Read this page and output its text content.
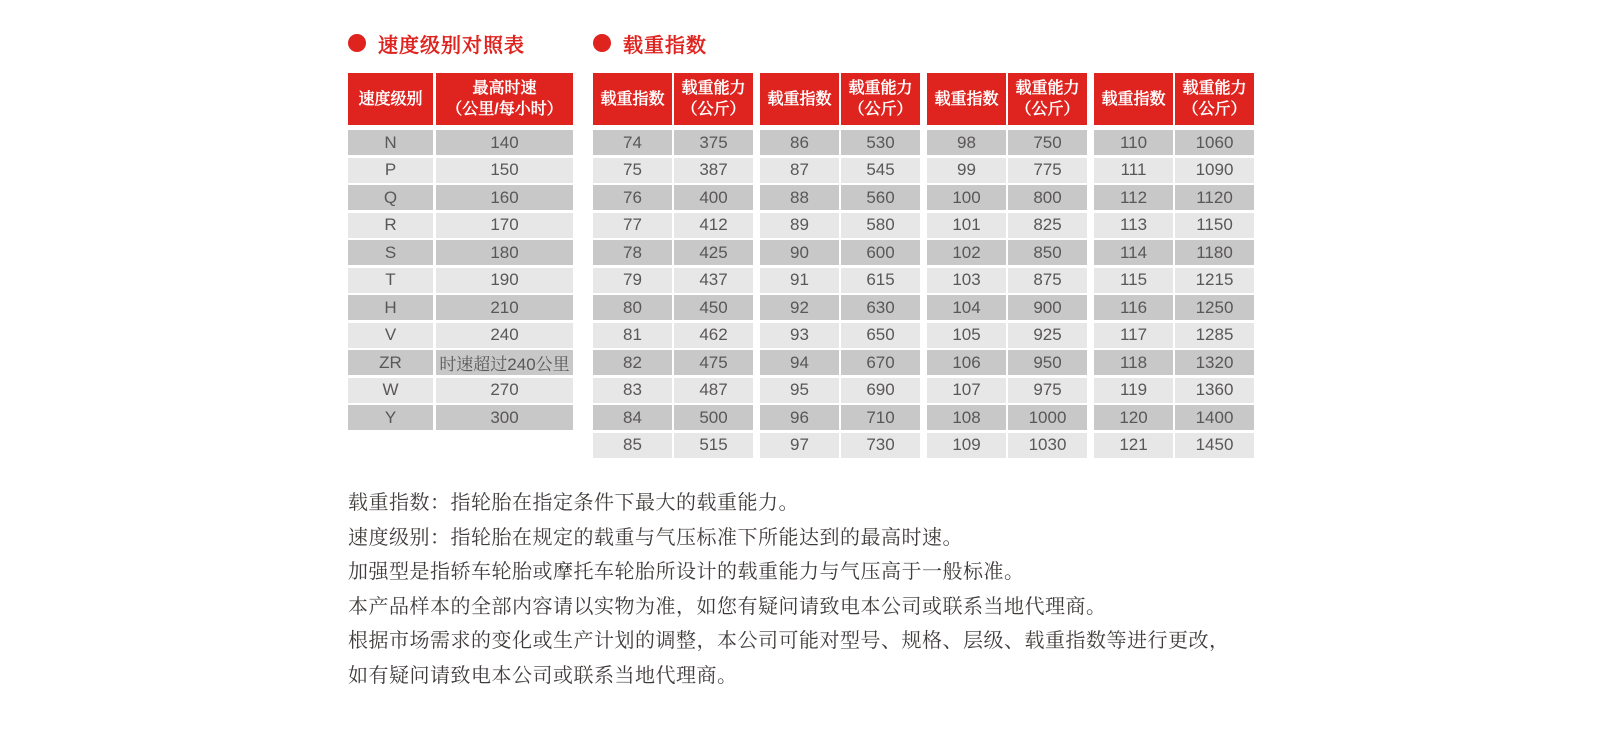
速度级别对照表	载重指数
速度级别
最高时速
（公里/每小时）
N	140
P	150
Q	160
R	170
S	180
T	190
H	210
V	240
ZR	时速超过240公里
W	270
Y	300
载重指数
载重能力
（公斤）
74	375
75	387
76	400
77	412
78	425
79	437
80	450
81	462
82	475
83	487
84	500
85	515
载重指数
载重能力
（公斤）
86	530
87	545
88	560
89	580
90	600
91	615
92	630
93	650
94	670
95	690
96	710
97	730
载重指数
载重能力
（公斤）
98	750
99	775
100	800
101	825
102	850
103	875
104	900
105	925
106	950
107	975
108	1000
109	1030
载重指数
载重能力
（公斤）
110	1060
111	1090
112	1120
113	1150
114	1180
115	1215
116	1250
117	1285
118	1320
119	1360
120	1400
121	1450
载重指数：指轮胎在指定条件下最大的载重能力。
速度级别：指轮胎在规定的载重与气压标准下所能达到的最高时速。
加强型是指轿车轮胎或摩托车轮胎所设计的载重能力与气压高于一般标准。
本产品样本的全部内容请以实物为准，如您有疑问请致电本公司或联系当地代理商。
根据市场需求的变化或生产计划的调整，本公司可能对型号、规格、层级、载重指数等进行更改，
如有疑问请致电本公司或联系当地代理商。
